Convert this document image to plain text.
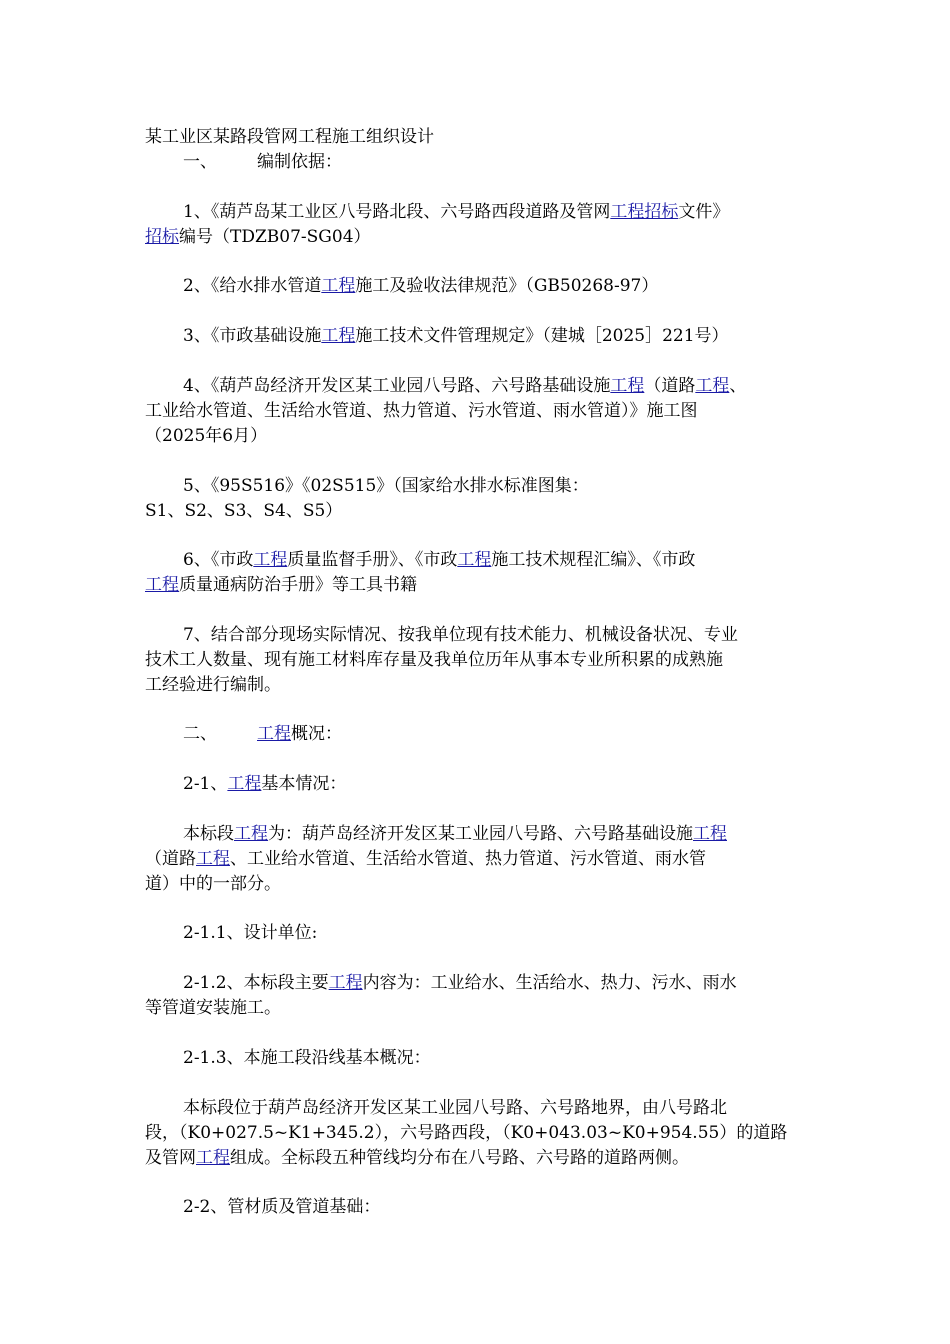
某工业区某路段管网工程施工组织设计
一、 编制依据：
1、《葫芦岛某工业区八号路北段、六号路西段道路及管网工程招标文件》
招标编号（TDZB07-SG04）
2、《给水排水管道工程施工及验收法律规范》（GB50268-97）
3、《市政基础设施工程施工技术文件管理规定》（建城［2025］221号）
4、《葫芦岛经济开发区某工业园八号路、六号路基础设施工程（道路工程、
工业给水管道、生活给水管道、热力管道、污水管道、雨水管道）》施工图
（2025年6月）
5、《95S516》《02S515》（国家给水排水标准图集：
S1、S2、S3、S4、S5）
6、《市政工程质量监督手册》、《市政工程施工技术规程汇编》、《市政
工程质量通病防治手册》等工具书籍
7、结合部分现场实际情况、按我单位现有技术能力、机械设备状况、专业
技术工人数量、现有施工材料库存量及我单位历年从事本专业所积累的成熟施
工经验进行编制。
二、 工程概况：
2-1、工程基本情况：
本标段工程为：葫芦岛经济开发区某工业园八号路、六号路基础设施工程
（道路工程、工业给水管道、生活给水管道、热力管道、污水管道、雨水管
道）中的一部分。
2-1.1、设计单位:
2-1.2、本标段主要工程内容为：工业给水、生活给水、热力、污水、雨水
等管道安装施工。
2-1.3、本施工段沿线基本概况：
本标段位于葫芦岛经济开发区某工业园八号路、六号路地界，由八号路北
段，（K0+027.5~K1+345.2），六号路西段，（K0+043.03~K0+954.55）的道路
及管网工程组成。全标段五种管线均分布在八号路、六号路的道路两侧。
2-2、管材质及管道基础：
